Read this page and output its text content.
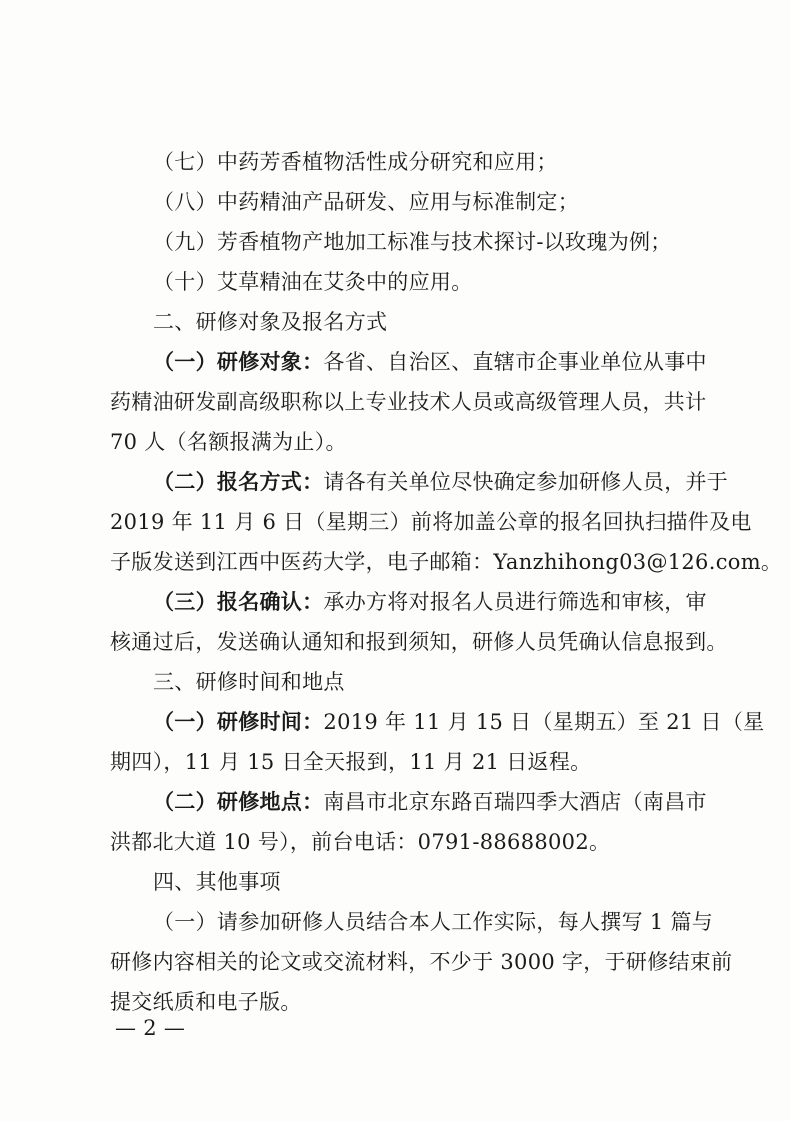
（七）中药芳香植物活性成分研究和应用；
（八）中药精油产品研发、应用与标准制定；
（九）芳香植物产地加工标准与技术探讨-以玫瑰为例；
（十）艾草精油在艾灸中的应用。
二、研修对象及报名方式
（一）研修对象：各省、自治区、直辖市企事业单位从事中
药精油研发副高级职称以上专业技术人员或高级管理人员，共计
70 人（名额报满为止）。
（二）报名方式：请各有关单位尽快确定参加研修人员，并于
2019 年 11 月 6 日（星期三）前将加盖公章的报名回执扫描件及电
子版发送到江西中医药大学，电子邮箱：Yanzhihong03@126.com。
（三）报名确认：承办方将对报名人员进行筛选和审核，审
核通过后，发送确认通知和报到须知，研修人员凭确认信息报到。
三、研修时间和地点
（一）研修时间：2019 年 11 月 15 日（星期五）至 21 日（星
期四），11 月 15 日全天报到，11 月 21 日返程。
（二）研修地点：南昌市北京东路百瑞四季大酒店（南昌市
洪都北大道 10 号），前台电话：0791-88688002。
四、其他事项
（一）请参加研修人员结合本人工作实际，每人撰写 1 篇与
研修内容相关的论文或交流材料，不少于 3000 字，于研修结束前
提交纸质和电子版。
— 2 —
